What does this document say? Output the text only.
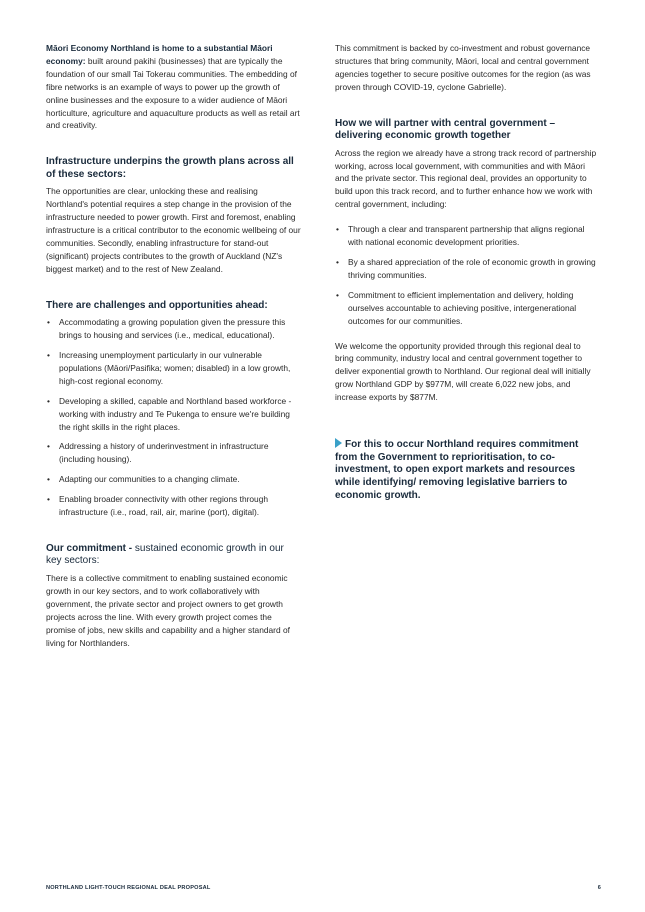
Māori Economy Northland is home to a substantial Māori economy: built around pakihi (businesses) that are typically the foundation of our small Tai Tokerau communities. The embedding of fibre networks is an example of ways to power up the growth of online businesses and the exposure to a wider audience of Māori horticulture, agriculture and aquaculture products as well as retail art and creativity.

Infrastructure underpins the growth plans across all of these sectors:

The opportunities are clear, unlocking these and realising Northland's potential requires a step change in the provision of the infrastructure needed to power growth. First and foremost, enabling infrastructure is a critical contributor to the economic wellbeing of our communities. Secondly, enabling infrastructure for stand-out (significant) projects contributes to the growth of Auckland (NZ's biggest market) and to the rest of New Zealand.

There are challenges and opportunities ahead:
• Accommodating a growing population given the pressure this brings to housing and services (i.e., medical, educational).
• Increasing unemployment particularly in our vulnerable populations (Māori/Pasifika; women; disabled) in a low growth, high-cost regional economy.
• Developing a skilled, capable and Northland based workforce - working with industry and Te Pukenga to ensure we're building the right skills in the right places.
• Addressing a history of underinvestment in infrastructure (including housing).
• Adapting our communities to a changing climate.
• Enabling broader connectivity with other regions through infrastructure (i.e., road, rail, air, marine (port), digital).
Our commitment - sustained economic growth in our key sectors:

There is a collective commitment to enabling sustained economic growth in our key sectors, and to work collaboratively with government, the private sector and project owners to get growth projects across the line. With every growth project comes the promise of jobs, new skills and capability and a higher standard of living for Northlanders.

This commitment is backed by co-investment and robust governance structures that bring community, Māori, local and central government agencies together to secure positive outcomes for the region (as was proven through COVID-19, cyclone Gabrielle).

How we will partner with central government – delivering economic growth together

Across the region we already have a strong track record of partnership working, across local government, with communities and with Māori and the private sector. This regional deal, provides an opportunity to build upon this track record, and to further enhance how we work with central government, including:

• Through a clear and transparent partnership that aligns regional with national economic development priorities.
• By a shared appreciation of the role of economic growth in growing thriving communities.
• Commitment to efficient implementation and delivery, holding ourselves accountable to achieving positive, intergenerational outcomes for our communities.

We welcome the opportunity provided through this regional deal to bring community, industry local and central government together to deliver exponential growth to Northland. Our regional deal will initially grow Northland GDP by $977M, will create 6,022 new jobs, and increase exports by $877M.

For this to occur Northland requires commitment from the Government to reprioritisation, to co-investment, to open export markets and resources while identifying/ removing legislative barriers to economic growth.
NORTHLAND LIGHT-TOUCH REGIONAL DEAL PROPOSAL	6
